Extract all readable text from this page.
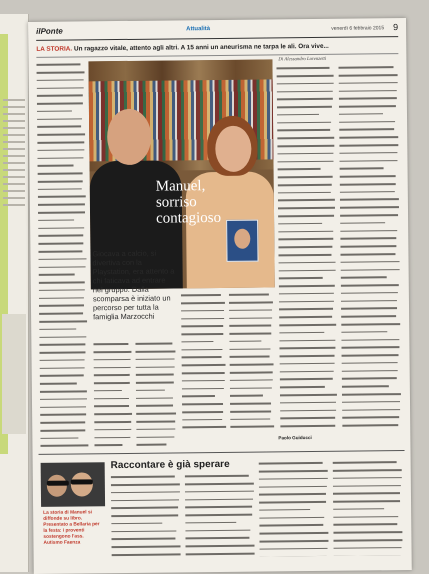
ilPonte	Attualità	venerdì 6 febbraio 2015 9
LA STORIA. Un ragazzo vitale, attento agli altri. A 15 anni un aneurisma ne tarpa le ali. Ora vive...
Manuel,
sorriso
contagioso
Giocava a calcio, si divertiva con la Playstation, era attento a chi faticava ad entrare nel gruppo. Dalla scomparsa è iniziato un percorso per tutta la famiglia Marzocchi
Di Alessandro Lorenzetti
Paolo Guiducci
Raccontare è già sperare
La storia di Manuel si diffonde su libro. Presentato a Bellaria per la festa: i proventi sostengono l'ass. Autismo Faenza
